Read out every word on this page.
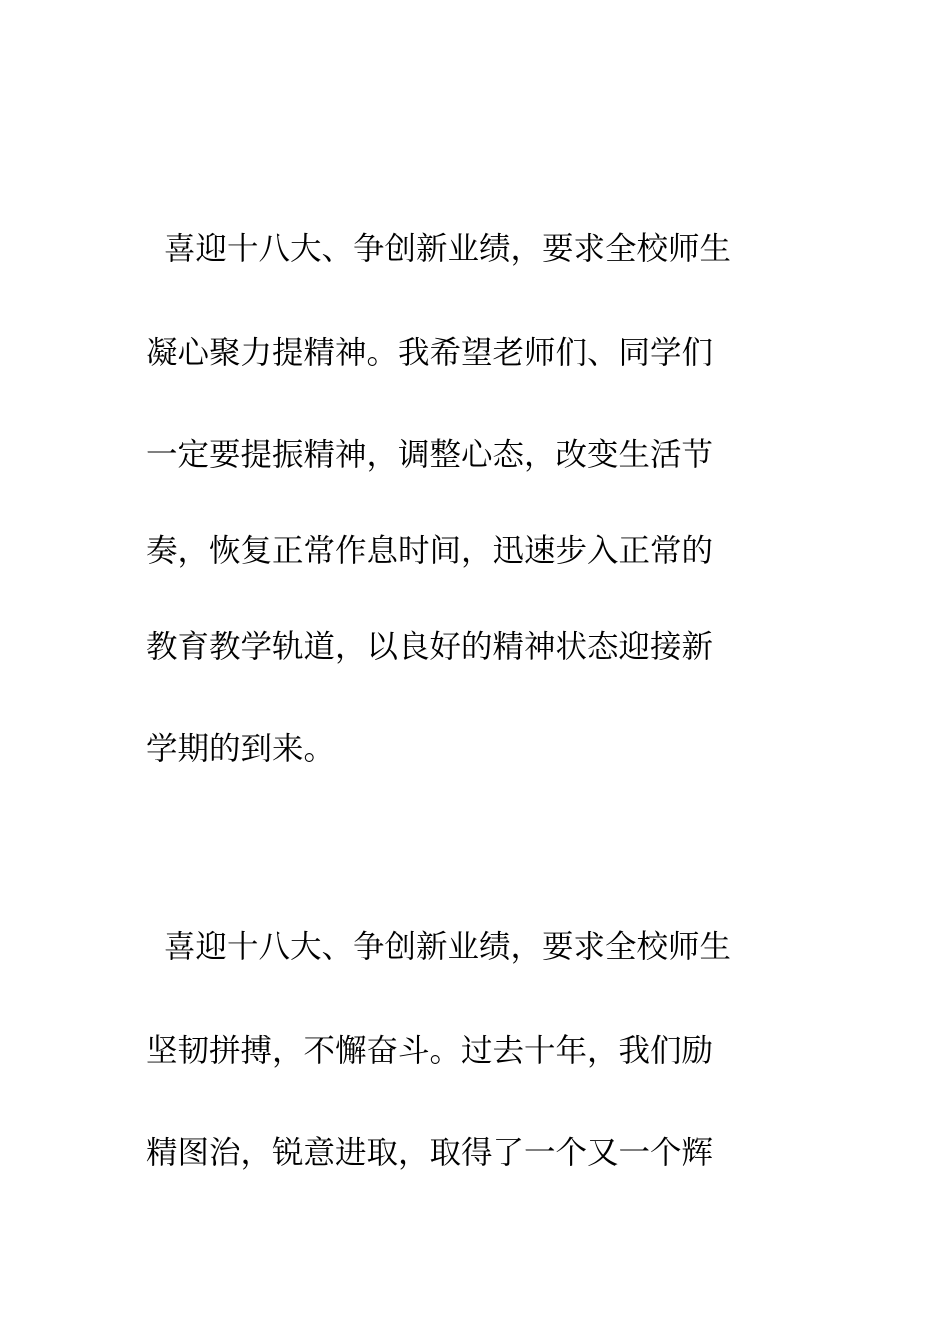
喜迎十八大、争创新业绩，要求全校师生
凝心聚力提精神。我希望老师们、同学们
一定要提振精神，调整心态，改变生活节
奏，恢复正常作息时间，迅速步入正常的
教育教学轨道，以良好的精神状态迎接新
学期的到来。
喜迎十八大、争创新业绩，要求全校师生
坚韧拼搏，不懈奋斗。过去十年，我们励
精图治，锐意进取，取得了一个又一个辉
